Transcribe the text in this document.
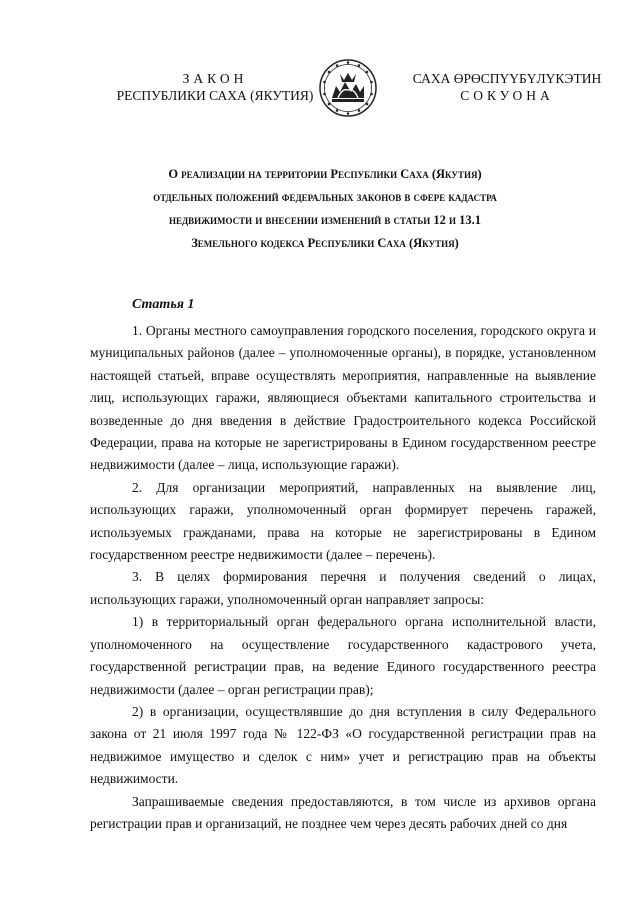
ЗАКОН
РЕСПУБЛИКИ САХА (ЯКУТИЯ)
САХА ӨРӨСПҮҮБҮЛҮКЭТИН
СОКУОНА
О реализации на территории Республики Саха (Якутия)
отдельных положений федеральных законов в сфере кадастра
недвижимости и внесении изменений в статьи 12 и 13.1
Земельного кодекса Республики Саха (Якутия)
Статья 1

1. Органы местного самоуправления городского поселения, городского округа и муниципальных районов (далее – уполномоченные органы), в порядке, установленном настоящей статьей, вправе осуществлять мероприятия, направленные на выявление лиц, использующих гаражи, являющиеся объектами капитального строительства и возведенные до дня введения в действие Градостроительного кодекса Российской Федерации, права на которые не зарегистрированы в Едином государственном реестре недвижимости (далее – лица, использующие гаражи).

2. Для организации мероприятий, направленных на выявление лиц, использующих гаражи, уполномоченный орган формирует перечень гаражей, используемых гражданами, права на которые не зарегистрированы в Едином государственном реестре недвижимости (далее – перечень).

3. В целях формирования перечня и получения сведений о лицах, использующих гаражи, уполномоченный орган направляет запросы:

1) в территориальный орган федерального органа исполнительной власти, уполномоченного на осуществление государственного кадастрового учета, государственной регистрации прав, на ведение Единого государственного реестра недвижимости (далее – орган регистрации прав);

2) в организации, осуществлявшие до дня вступления в силу Федерального закона от 21 июля 1997 года № 122-ФЗ «О государственной регистрации прав на недвижимое имущество и сделок с ним» учет и регистрацию прав на объекты недвижимости.

Запрашиваемые сведения предоставляются, в том числе из архивов органа регистрации прав и организаций, не позднее чем через десять рабочих дней со дня
